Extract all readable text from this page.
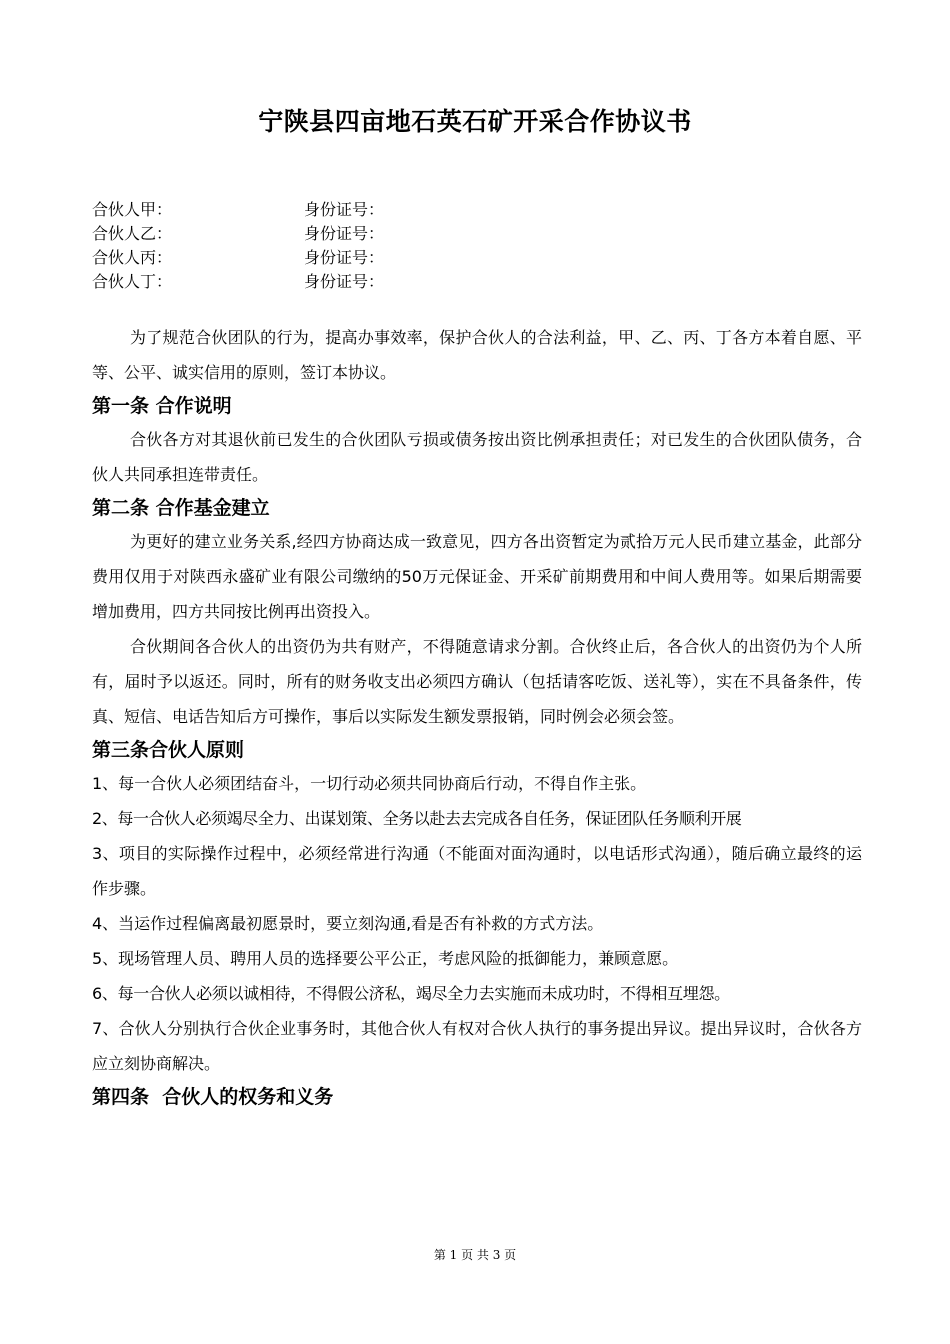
宁陕县四亩地石英石矿开采合作协议书
合伙人甲：	身份证号：
合伙人乙：	身份证号：
合伙人丙：	身份证号：
合伙人丁：	身份证号：

为了规范合伙团队的行为，提高办事效率，保护合伙人的合法利益，甲、乙、丙、丁各方本着自愿、平等、公平、诚实信用的原则，签订本协议。

第一条 合作说明

合伙各方对其退伙前已发生的合伙团队亏损或债务按出资比例承担责任；对已发生的合伙团队债务，合伙人共同承担连带责任。

第二条 合作基金建立

为更好的建立业务关系,经四方协商达成一致意见，四方各出资暂定为贰拾万元人民币建立基金，此部分费用仅用于对陕西永盛矿业有限公司缴纳的50万元保证金、开采矿前期费用和中间人费用等。如果后期需要增加费用，四方共同按比例再出资投入。

合伙期间各合伙人的出资仍为共有财产，不得随意请求分割。合伙终止后，各合伙人的出资仍为个人所有，届时予以返还。同时，所有的财务收支出必须四方确认（包括请客吃饭、送礼等），实在不具备条件，传真、短信、电话告知后方可操作，事后以实际发生额发票报销，同时例会必须会签。

第三条合伙人原则

1、每一合伙人必须团结奋斗，一切行动必须共同协商后行动，不得自作主张。

2、每一合伙人必须竭尽全力、出谋划策、全务以赴去去完成各自任务，保证团队任务顺利开展

3、项目的实际操作过程中，必须经常进行沟通（不能面对面沟通时，以电话形式沟通），随后确立最终的运作步骤。

4、当运作过程偏离最初愿景时，要立刻沟通,看是否有补救的方式方法。

5、现场管理人员、聘用人员的选择要公平公正，考虑风险的抵御能力，兼顾意愿。

6、每一合伙人必须以诚相待，不得假公济私，竭尽全力去实施而未成功时，不得相互埋怨。

7、合伙人分别执行合伙企业事务时，其他合伙人有权对合伙人执行的事务提出异议。提出异议时，合伙各方应立刻协商解决。

第四条  合伙人的权务和义务

第 1 页 共 3 页
